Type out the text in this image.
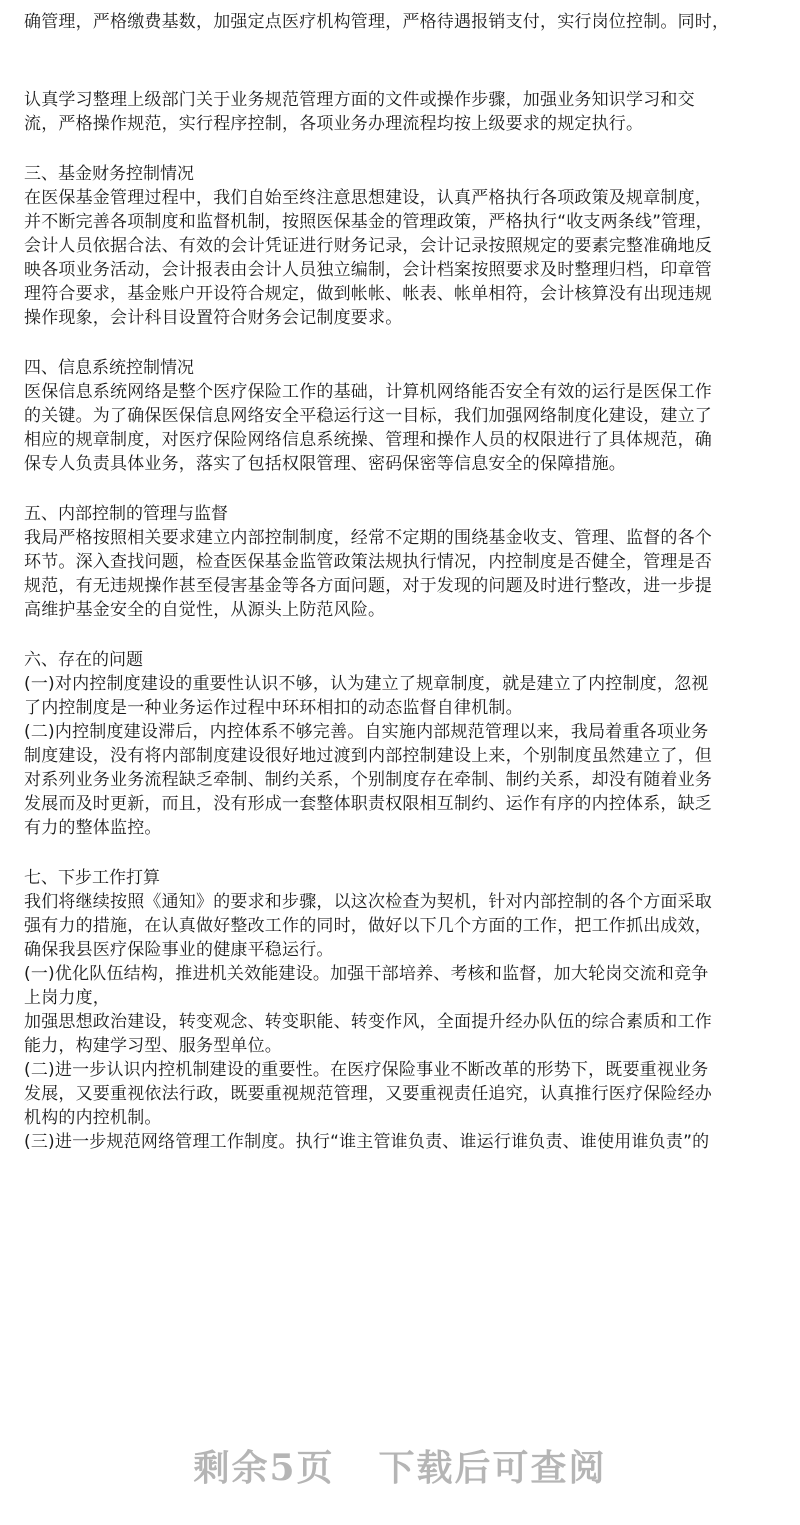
确管理，严格缴费基数，加强定点医疗机构管理，严格待遇报销支付，实行岗位控制。同时，
认真学习整理上级部门关于业务规范管理方面的文件或操作步骤，加强业务知识学习和交
流，严格操作规范，实行程序控制，各项业务办理流程均按上级要求的规定执行。
三、基金财务控制情况
在医保基金管理过程中，我们自始至终注意思想建设，认真严格执行各项政策及规章制度，
并不断完善各项制度和监督机制，按照医保基金的管理政策，严格执行“收支两条线”管理，
会计人员依据合法、有效的会计凭证进行财务记录，会计记录按照规定的要素完整准确地反
映各项业务活动，会计报表由会计人员独立编制，会计档案按照要求及时整理归档，印章管
理符合要求，基金账户开设符合规定，做到帐帐、帐表、帐单相符，会计核算没有出现违规
操作现象，会计科目设置符合财务会记制度要求。
四、信息系统控制情况
医保信息系统网络是整个医疗保险工作的基础，计算机网络能否安全有效的运行是医保工作
的关键。为了确保医保信息网络安全平稳运行这一目标，我们加强网络制度化建设，建立了
相应的规章制度，对医疗保险网络信息系统操、管理和操作人员的权限进行了具体规范，确
保专人负责具体业务，落实了包括权限管理、密码保密等信息安全的保障措施。
五、内部控制的管理与监督
我局严格按照相关要求建立内部控制制度，经常不定期的围绕基金收支、管理、监督的各个
环节。深入查找问题，检查医保基金监管政策法规执行情况，内控制度是否健全，管理是否
规范，有无违规操作甚至侵害基金等各方面问题，对于发现的问题及时进行整改，进一步提
高维护基金安全的自觉性，从源头上防范风险。
六、存在的问题
(一)对内控制度建设的重要性认识不够，认为建立了规章制度，就是建立了内控制度，忽视
了内控制度是一种业务运作过程中环环相扣的动态监督自律机制。
(二)内控制度建设滞后，内控体系不够完善。自实施内部规范管理以来，我局着重各项业务
制度建设，没有将内部制度建设很好地过渡到内部控制建设上来，个别制度虽然建立了，但
对系列业务业务流程缺乏牵制、制约关系，个别制度存在牵制、制约关系，却没有随着业务
发展而及时更新，而且，没有形成一套整体职责权限相互制约、运作有序的内控体系，缺乏
有力的整体监控。
七、下步工作打算
我们将继续按照《通知》的要求和步骤，以这次检查为契机，针对内部控制的各个方面采取
强有力的措施，在认真做好整改工作的同时，做好以下几个方面的工作，把工作抓出成效，
确保我县医疗保险事业的健康平稳运行。
(一)优化队伍结构，推进机关效能建设。加强干部培养、考核和监督，加大轮岗交流和竞争
上岗力度，
加强思想政治建设，转变观念、转变职能、转变作风，全面提升经办队伍的综合素质和工作
能力，构建学习型、服务型单位。
(二)进一步认识内控机制建设的重要性。在医疗保险事业不断改革的形势下，既要重视业务
发展，又要重视依法行政，既要重视规范管理，又要重视责任追究，认真推行医疗保险经办
机构的内控机制。
(三)进一步规范网络管理工作制度。执行“谁主管谁负责、谁运行谁负责、谁使用谁负责”的
剩余5页 下载后可查阅
